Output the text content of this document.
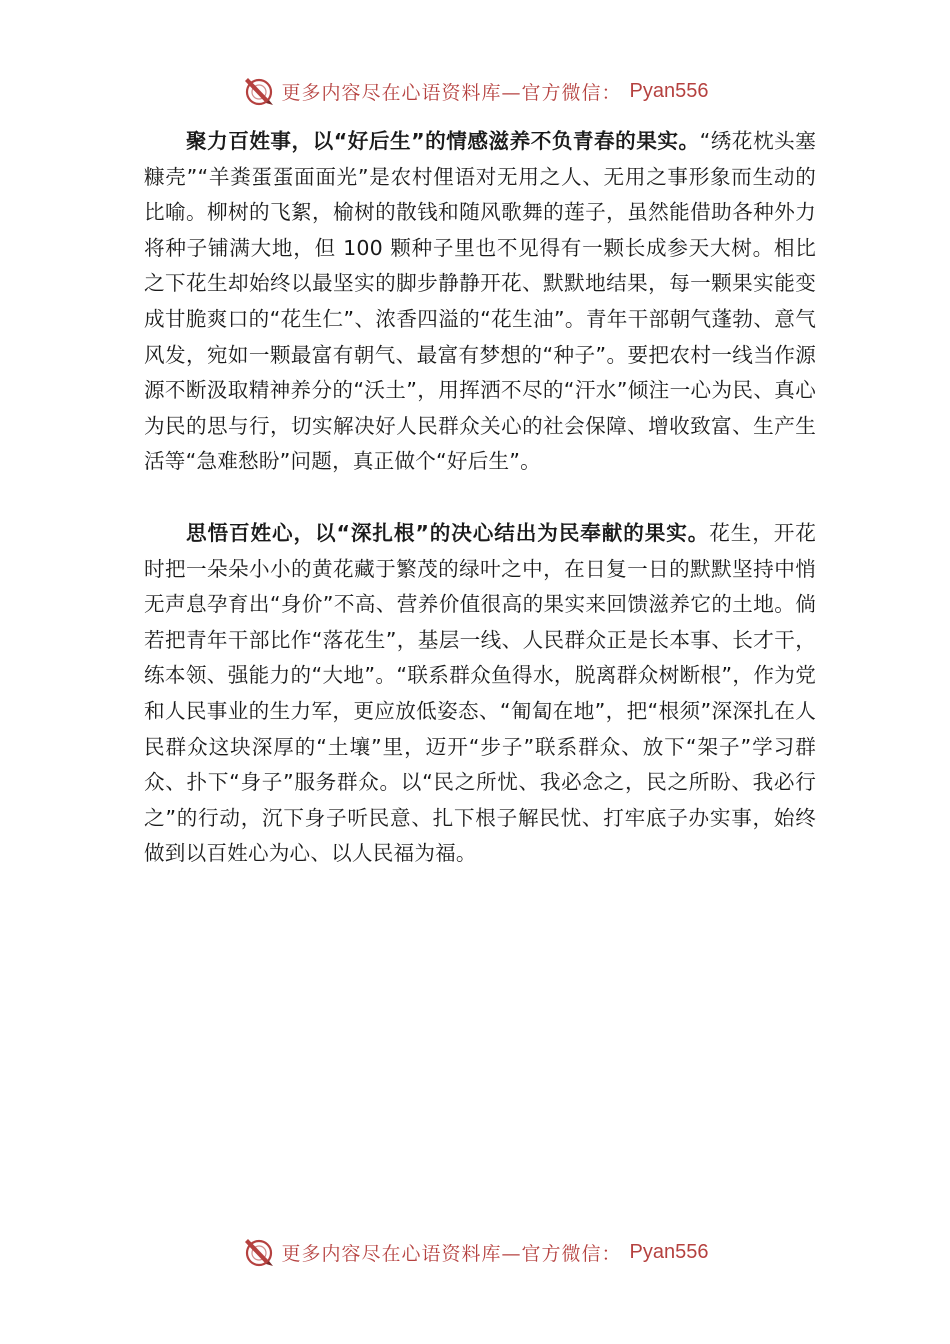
更多内容尽在心语资料库—官方微信： Pyan556

聚力百姓事，以“好后生”的情感滋养不负青春的果实。“绣花枕头塞糠壳”“羊粪蛋蛋面面光”是农村俚语对无用之人、无用之事形象而生动的比喻。柳树的飞絮，榆树的散钱和随风歌舞的莲子，虽然能借助各种外力将种子铺满大地，但 100 颗种子里也不见得有一颗长成参天大树。相比之下花生却始终以最坚实的脚步静静开花、默默地结果，每一颗果实能变成甘脆爽口的“花生仁”、浓香四溢的“花生油”。青年干部朝气蓬勃、意气风发，宛如一颗最富有朝气、最富有梦想的“种子”。要把农村一线当作源源不断汲取精神养分的“沃土”，用挥洒不尽的“汗水”倾注一心为民、真心为民的思与行，切实解决好人民群众关心的社会保障、增收致富、生产生活等“急难愁盼”问题，真正做个“好后生”。

思悟百姓心，以“深扎根”的决心结出为民奉献的果实。花生，开花时把一朵朵小小的黄花藏于繁茂的绿叶之中，在日复一日的默默坚持中悄无声息孕育出“身价”不高、营养价值很高的果实来回馈滋养它的土地。倘若把青年干部比作“落花生”，基层一线、人民群众正是长本事、长才干，练本领、强能力的“大地”。“联系群众鱼得水，脱离群众树断根”，作为党和人民事业的生力军，更应放低姿态、“匍匐在地”，把“根须”深深扎在人民群众这块深厚的“土壤”里，迈开“步子”联系群众、放下“架子”学习群众、扑下“身子”服务群众。以“民之所忧、我必念之，民之所盼、我必行之”的行动，沉下身子听民意、扎下根子解民忧、打牢底子办实事，始终做到以百姓心为心、以人民福为福。

更多内容尽在心语资料库—官方微信： Pyan556
